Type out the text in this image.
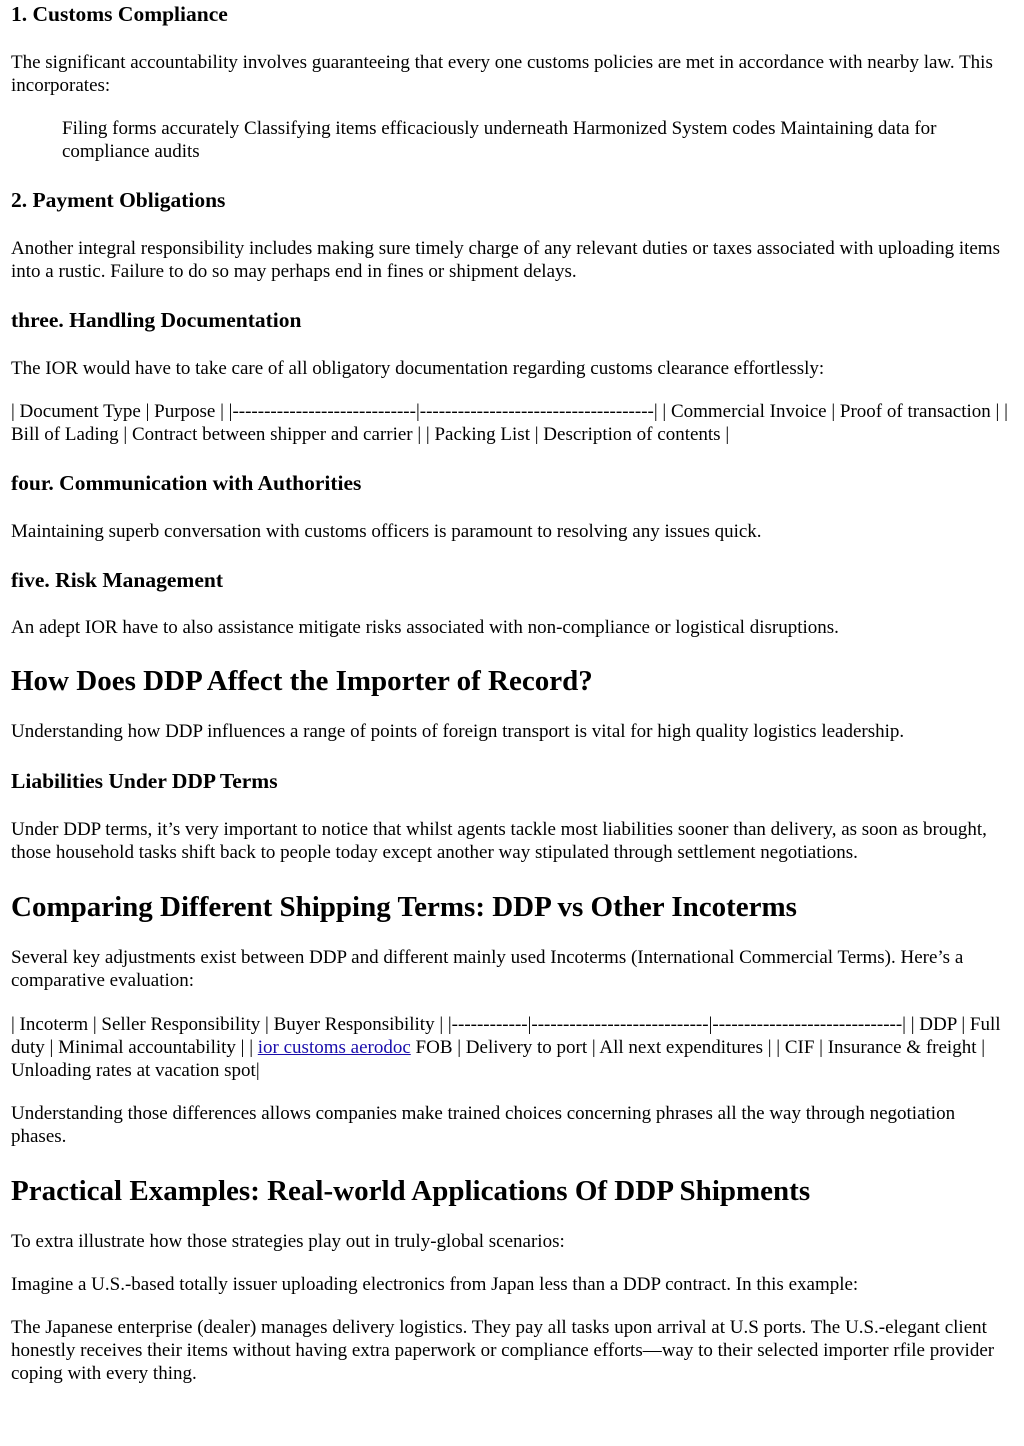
1. Customs Compliance

The significant accountability involves guaranteeing that every one customs policies are met in accordance with nearby law. This incorporates:

Filing forms accurately Classifying items efficaciously underneath Harmonized System codes Maintaining data for compliance audits
2. Payment Obligations

Another integral responsibility includes making sure timely charge of any relevant duties or taxes associated with uploading items into a rustic. Failure to do so may perhaps end in fines or shipment delays.

three. Handling Documentation

The IOR would have to take care of all obligatory documentation regarding customs clearance effortlessly:

| Document Type | Purpose | |-----------------------------|-------------------------------------| | Commercial Invoice | Proof of transaction | | Bill of Lading | Contract between shipper and carrier | | Packing List | Description of contents |

four. Communication with Authorities

Maintaining superb conversation with customs officers is paramount to resolving any issues quick.

five. Risk Management

An adept IOR have to also assistance mitigate risks associated with non-compliance or logistical disruptions.

How Does DDP Affect the Importer of Record?

Understanding how DDP influences a range of points of foreign transport is vital for high quality logistics leadership.

Liabilities Under DDP Terms

Under DDP terms, it’s very important to notice that whilst agents tackle most liabilities sooner than delivery, as soon as brought, those household tasks shift back to people today except another way stipulated through settlement negotiations.

Comparing Different Shipping Terms: DDP vs Other Incoterms

Several key adjustments exist between DDP and different mainly used Incoterms (International Commercial Terms). Here’s a comparative evaluation:

| Incoterm | Seller Responsibility | Buyer Responsibility | |------------|----------------------------|------------------------------| | DDP | Full duty | Minimal accountability | | ior customs aerodoc FOB | Delivery to port | All next expenditures | | CIF | Insurance & freight | Unloading rates at vacation spot|

Understanding those differences allows companies make trained choices concerning phrases all the way through negotiation phases.

Practical Examples: Real-world Applications Of DDP Shipments

To extra illustrate how those strategies play out in truly-global scenarios:

Imagine a U.S.-based totally issuer uploading electronics from Japan less than a DDP contract. In this example:

The Japanese enterprise (dealer) manages delivery logistics. They pay all tasks upon arrival at U.S ports. The U.S.-elegant client honestly receives their items without having extra paperwork or compliance efforts—way to their selected importer rfile provider coping with every thing.
